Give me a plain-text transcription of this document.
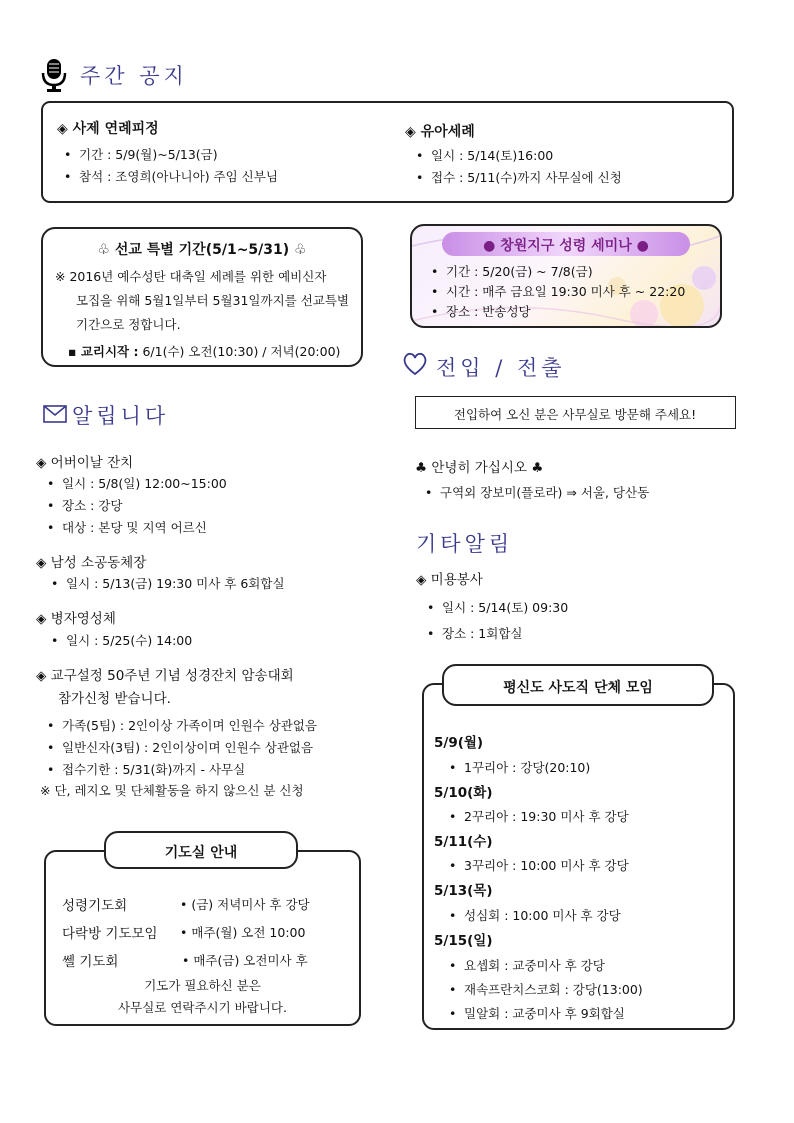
주간 공지
◈ 사제 연례피정
• 기간 : 5/9(월)~5/13(금)
• 참석 : 조영희(아나니아) 주임 신부님
◈ 유아세례
• 일시 : 5/14(토)16:00
• 접수 : 5/11(수)까지 사무실에 신청
♧ 선교 특별 기간(5/1~5/31) ♧
※ 2016년 예수성탄 대축일 세례를 위한 예비신자
모집을 위해 5월1일부터 5월31일까지를 선교특별
기간으로 정합니다.
▪ 교리시작 : 6/1(수) 오전(10:30) / 저녁(20:00)
● 창원지구 성령 세미나 ●
• 기간 : 5/20(금) ~ 7/8(금)
• 시간 : 매주 금요일 19:30 미사 후 ~ 22:20
• 장소 : 반송성당
전입 / 전출
전입하여 오신 분은 사무실로 방문해 주세요!
♣ 안녕히 가십시오 ♣
• 구역외 장보미(플로라) ⇒ 서울, 당산동
기타알림
◈ 미용봉사
• 일시 : 5/14(토) 09:30
• 장소 : 1회합실
알립니다
◈ 어버이날 잔치
• 일시 : 5/8(일) 12:00~15:00
• 장소 : 강당
• 대상 : 본당 및 지역 어르신
◈ 남성 소공동체장
• 일시 : 5/13(금) 19:30 미사 후 6회합실
◈ 병자영성체
• 일시 : 5/25(수) 14:00
◈ 교구설정 50주년 기념 성경잔치 암송대회
참가신청 받습니다.
• 가족(5팀) : 2인이상 가족이며 인원수 상관없음
• 일반신자(3팀) : 2인이상이며 인원수 상관없음
• 접수기한 : 5/31(화)까지 - 사무실
※ 단, 레지오 및 단체활동을 하지 않으신 분 신청
성령기도회	• (금) 저녁미사 후 강당
다락방 기도모임 • 매주(월) 오전 10:00
쎌 기도회	• 매주(금) 오전미사 후
기도가 필요하신 분은
사무실로 연락주시기 바랍니다.
기도실 안내
5/9(월)
• 1꾸리아 : 강당(20:10)
5/10(화)
• 2꾸리아 : 19:30 미사 후 강당
5/11(수)
• 3꾸리아 : 10:00 미사 후 강당
5/13(목)
• 성심회 : 10:00 미사 후 강당
5/15(일)
• 요셉회 : 교중미사 후 강당
• 재속프란치스코회 : 강당(13:00)
• 밀알회 : 교중미사 후 9회합실
평신도 사도직 단체 모임
